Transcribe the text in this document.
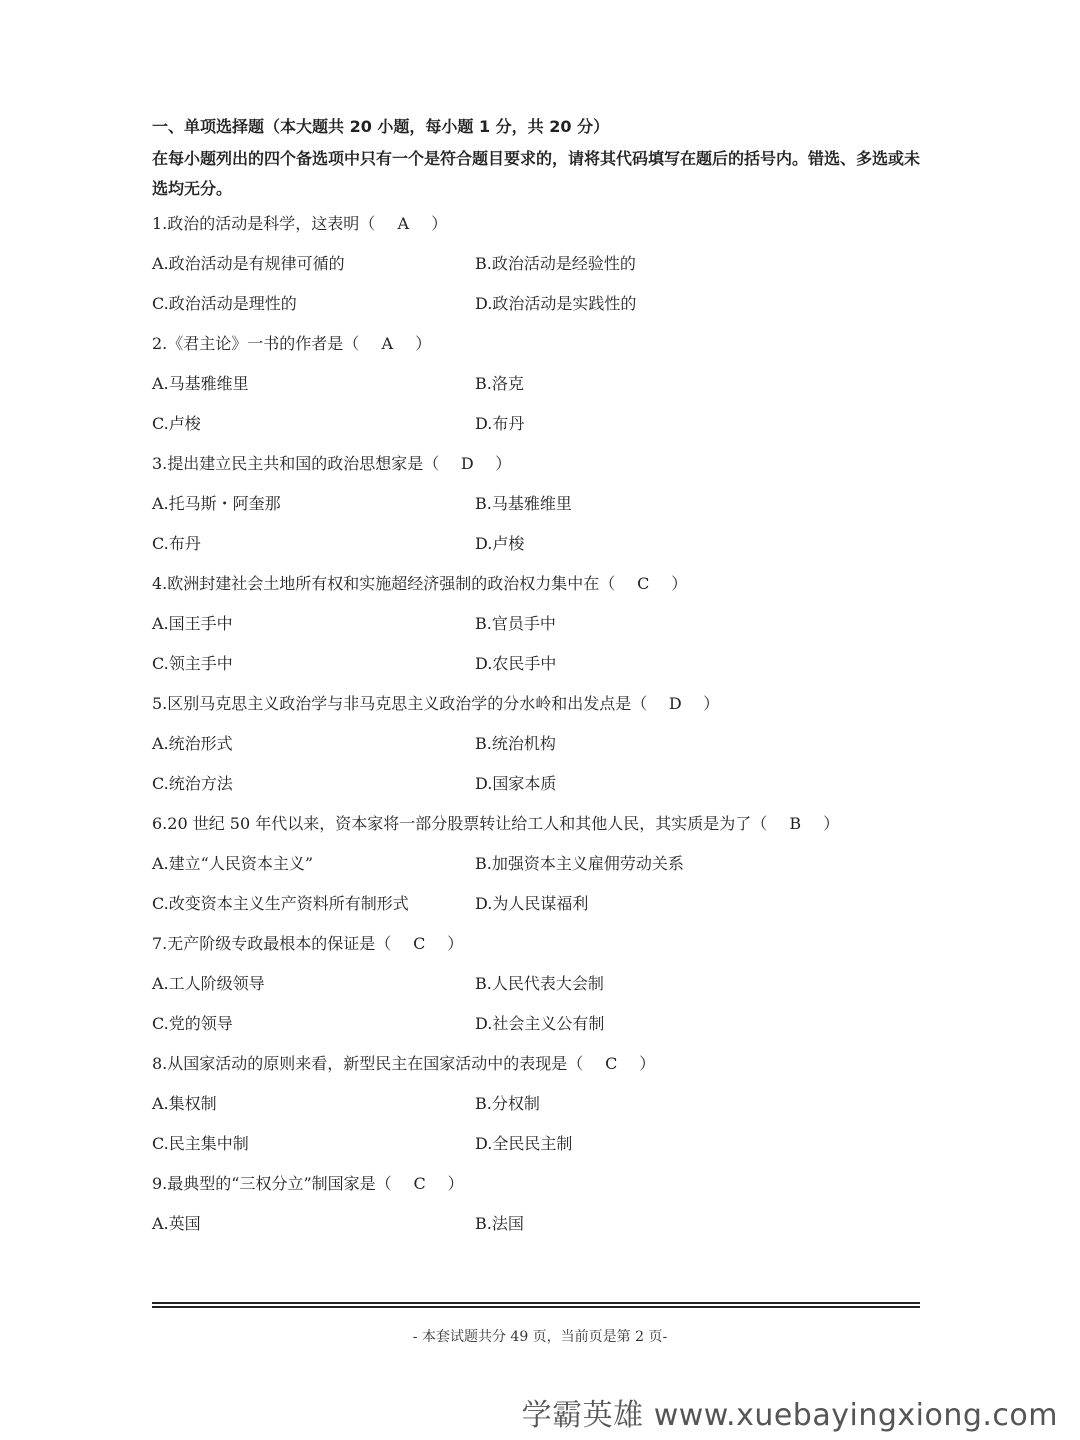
一、单项选择题（本大题共 20 小题，每小题 1 分，共 20 分）
在每小题列出的四个备选项中只有一个是符合题目要求的，请将其代码填写在题后的括号内。错选、多选或未选均无分。
1.政治的活动是科学，这表明（ A ）
A.政治活动是有规律可循的	B.政治活动是经验性的
C.政治活动是理性的	D.政治活动是实践性的
2.《君主论》一书的作者是（ A ）
A.马基雅维里	B.洛克
C.卢梭	D.布丹
3.提出建立民主共和国的政治思想家是（ D ）
A.托马斯・阿奎那	B.马基雅维里
C.布丹	D.卢梭
4.欧洲封建社会土地所有权和实施超经济强制的政治权力集中在（ C ）
A.国王手中	B.官员手中
C.领主手中	D.农民手中
5.区别马克思主义政治学与非马克思主义政治学的分水岭和出发点是（ D ）
A.统治形式	B.统治机构
C.统治方法	D.国家本质
6.20 世纪 50 年代以来，资本家将一部分股票转让给工人和其他人民，其实质是为了（ B ）
A.建立“人民资本主义”	B.加强资本主义雇佣劳动关系
C.改变资本主义生产资料所有制形式	D.为人民谋福利
7.无产阶级专政最根本的保证是（ C ）
A.工人阶级领导	B.人民代表大会制
C.党的领导	D.社会主义公有制
8.从国家活动的原则来看，新型民主在国家活动中的表现是（ C ）
A.集权制	B.分权制
C.民主集中制	D.全民民主制
9.最典型的“三权分立”制国家是（ C ）
A.英国	B.法国
- 本套试题共分 49 页，当前页是第 2 页-
学霸英雄 www.xuebayingxiong.com
